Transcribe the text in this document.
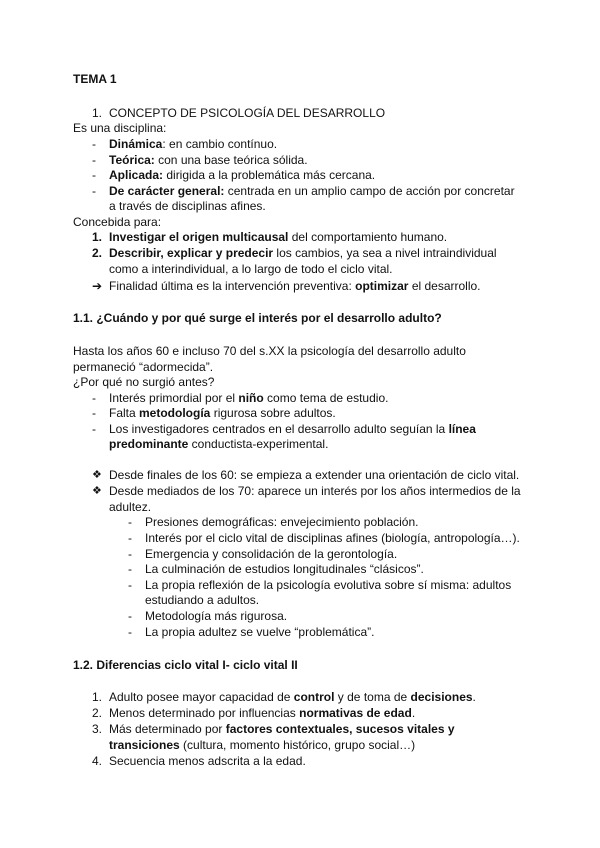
TEMA 1
1. CONCEPTO DE PSICOLOGÍA DEL DESARROLLO
Es una disciplina:
- Dinámica: en cambio contínuo.
- Teórica: con una base teórica sólida.
- Aplicada: dirigida a la problemática más cercana.
- De carácter general: centrada en un amplio campo de acción por concretar
a través de disciplinas afines.
Concebida para:
1. Investigar el origen multicausal del comportamiento humano.
2. Describir, explicar y predecir los cambios, ya sea a nivel intraindividual
como a interindividual, a lo largo de todo el ciclo vital.
➔ Finalidad última es la intervención preventiva: optimizar el desarrollo.
1.1. ¿Cuándo y por qué surge el interés por el desarrollo adulto?
Hasta los años 60 e incluso 70 del s.XX la psicología del desarrollo adulto
permaneció “adormecida”.
¿Por qué no surgió antes?
- Interés primordial por el niño como tema de estudio.
- Falta metodología rigurosa sobre adultos.
- Los investigadores centrados en el desarrollo adulto seguían la línea
predominante conductista-experimental.
❖ Desde finales de los 60: se empieza a extender una orientación de ciclo vital.
❖ Desde mediados de los 70: aparece un interés por los años intermedios de la
adultez.
- Presiones demográficas: envejecimiento población.
- Interés por el ciclo vital de disciplinas afines (biología, antropología…).
- Emergencia y consolidación de la gerontología.
- La culminación de estudios longitudinales “clásicos”.
- La propia reflexión de la psicología evolutiva sobre sí misma: adultos
estudiando a adultos.
- Metodología más rigurosa.
- La propia adultez se vuelve “problemática”.
1.2. Diferencias ciclo vital I- ciclo vital II
1. Adulto posee mayor capacidad de control y de toma de decisiones.
2. Menos determinado por influencias normativas de edad.
3. Más determinado por factores contextuales, sucesos vitales y
transiciones (cultura, momento histórico, grupo social…)
4. Secuencia menos adscrita a la edad.
